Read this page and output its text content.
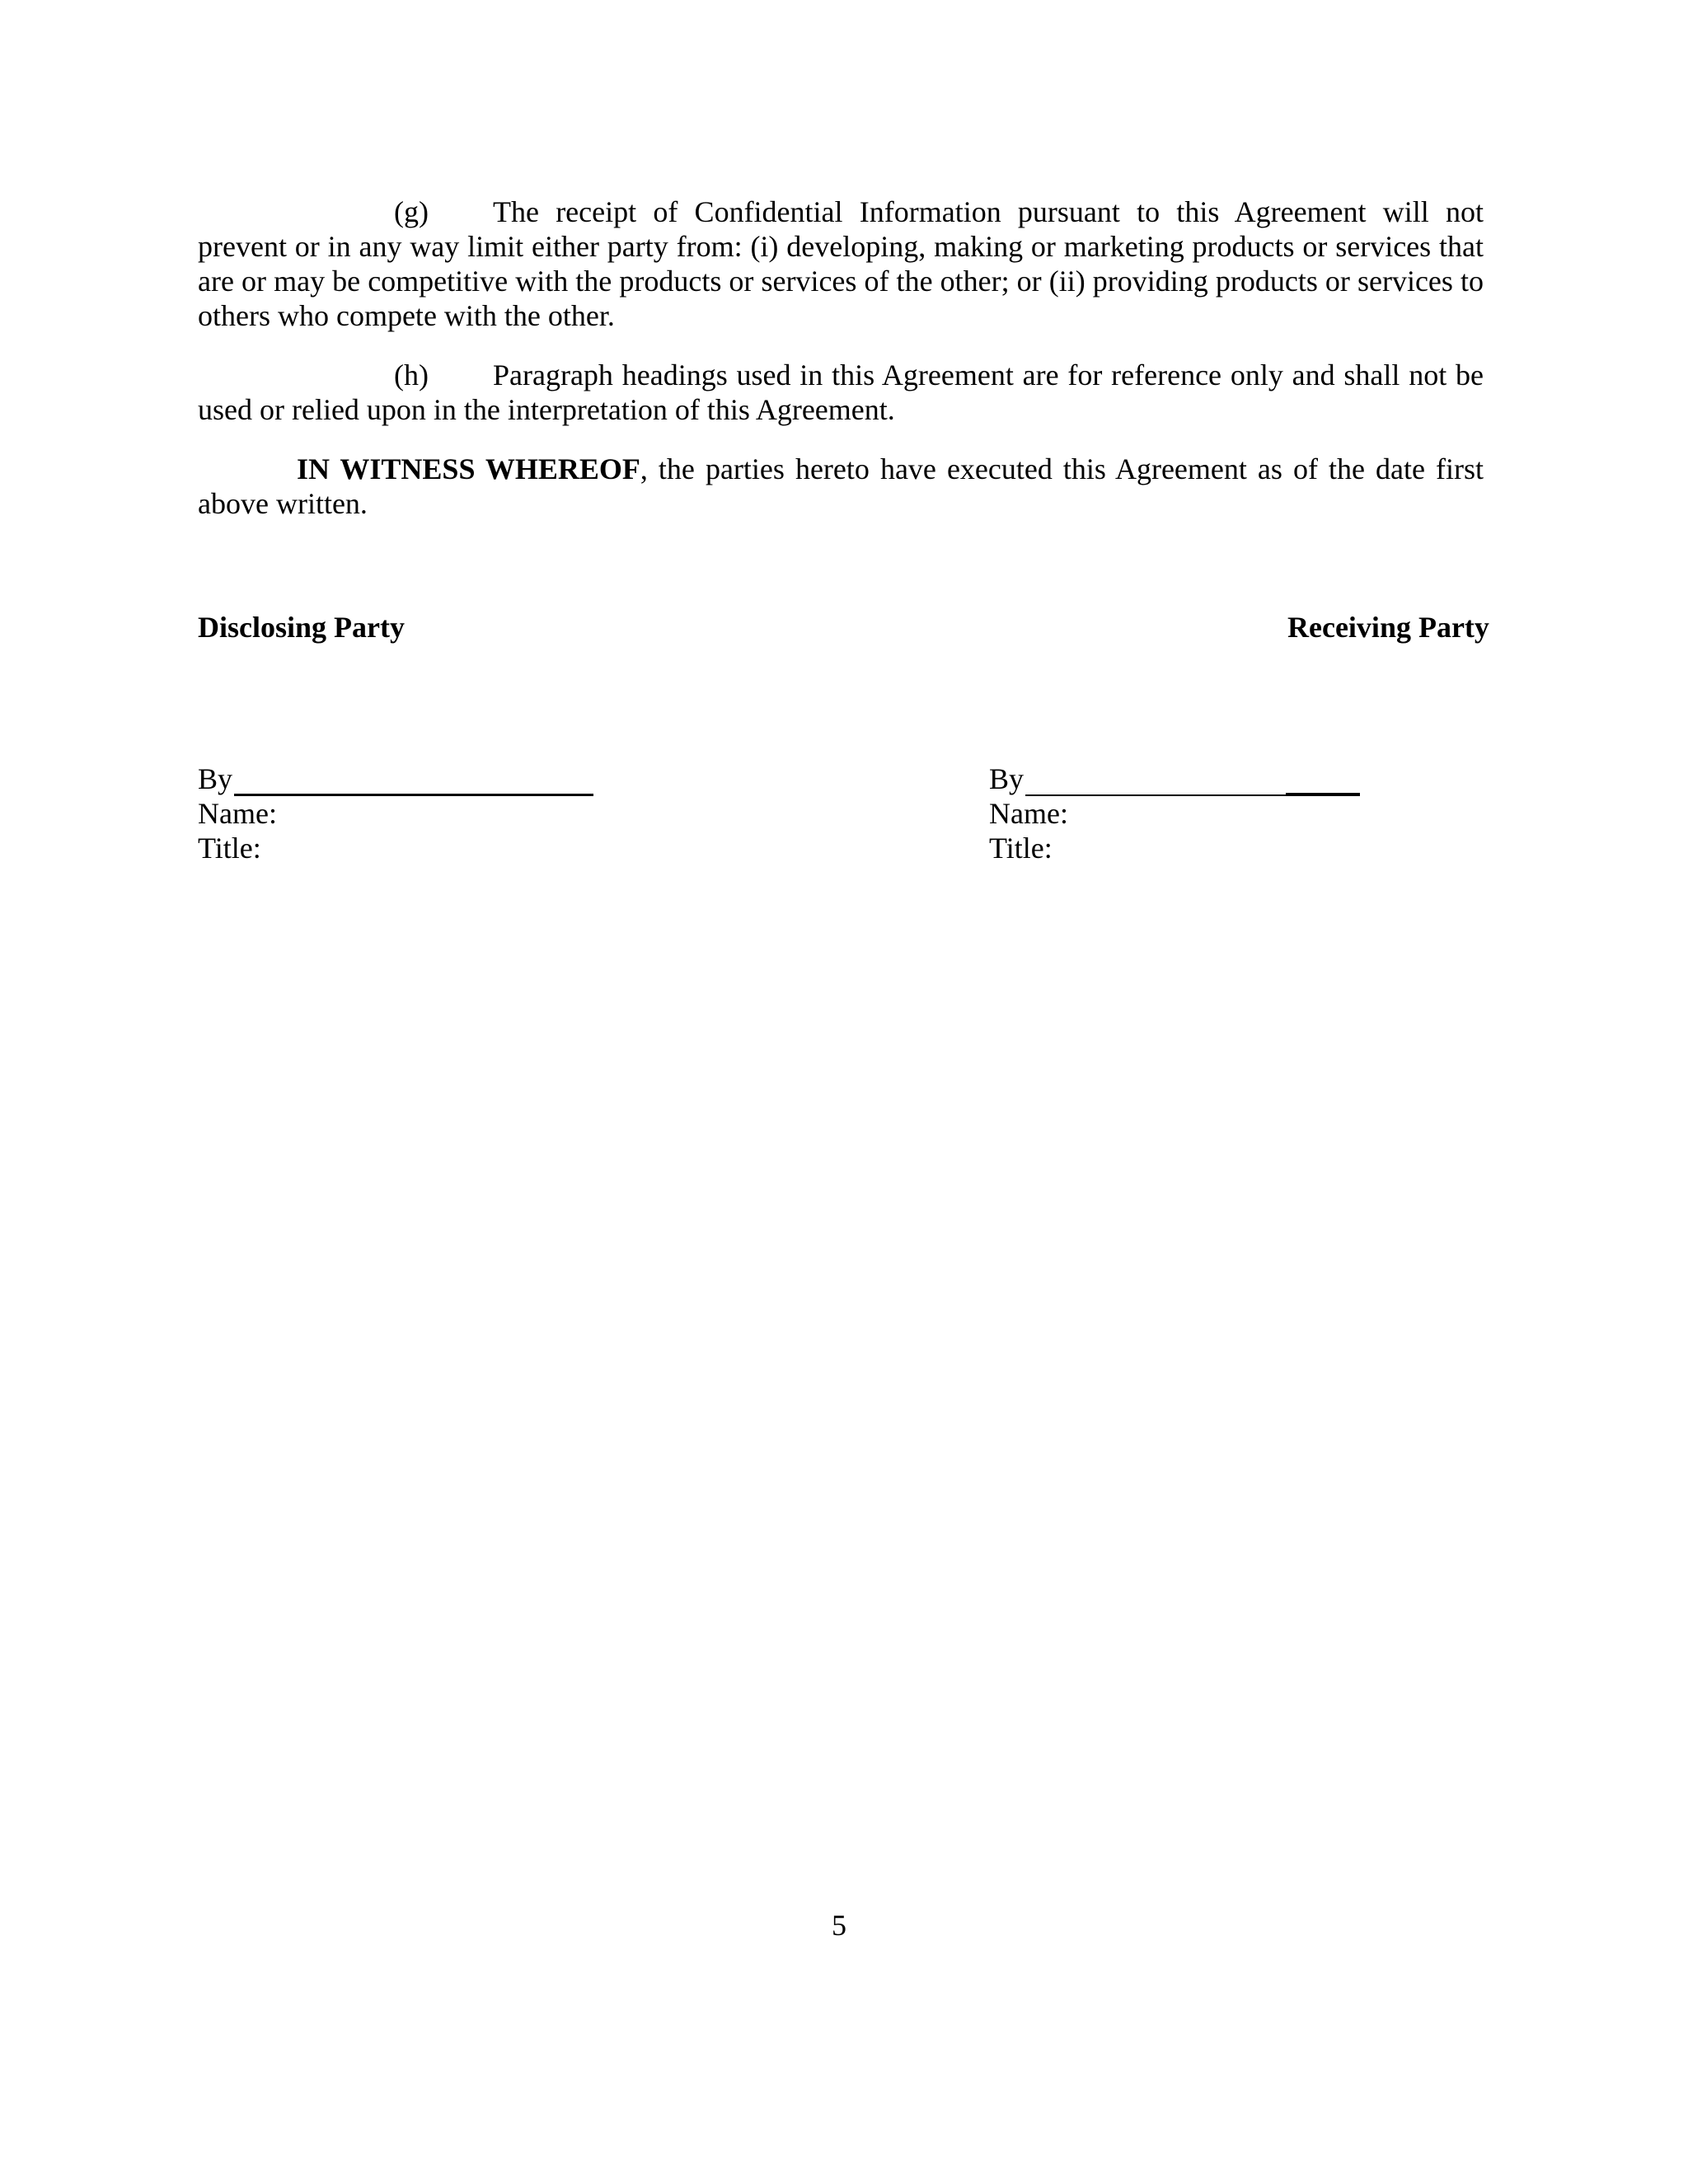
(g) The receipt of Confidential Information pursuant to this Agreement will not prevent or in any way limit either party from: (i) developing, making or marketing products or services that are or may be competitive with the products or services of the other; or (ii) providing products or services to others who compete with the other.

(h) Paragraph headings used in this Agreement are for reference only and shall not be used or relied upon in the interpretation of this Agreement.

IN WITNESS WHEREOF, the parties hereto have executed this Agreement as of the date first above written.

Disclosing Party	Receiving Party
By
Name:
Title:
By
Name:
Title:
5
